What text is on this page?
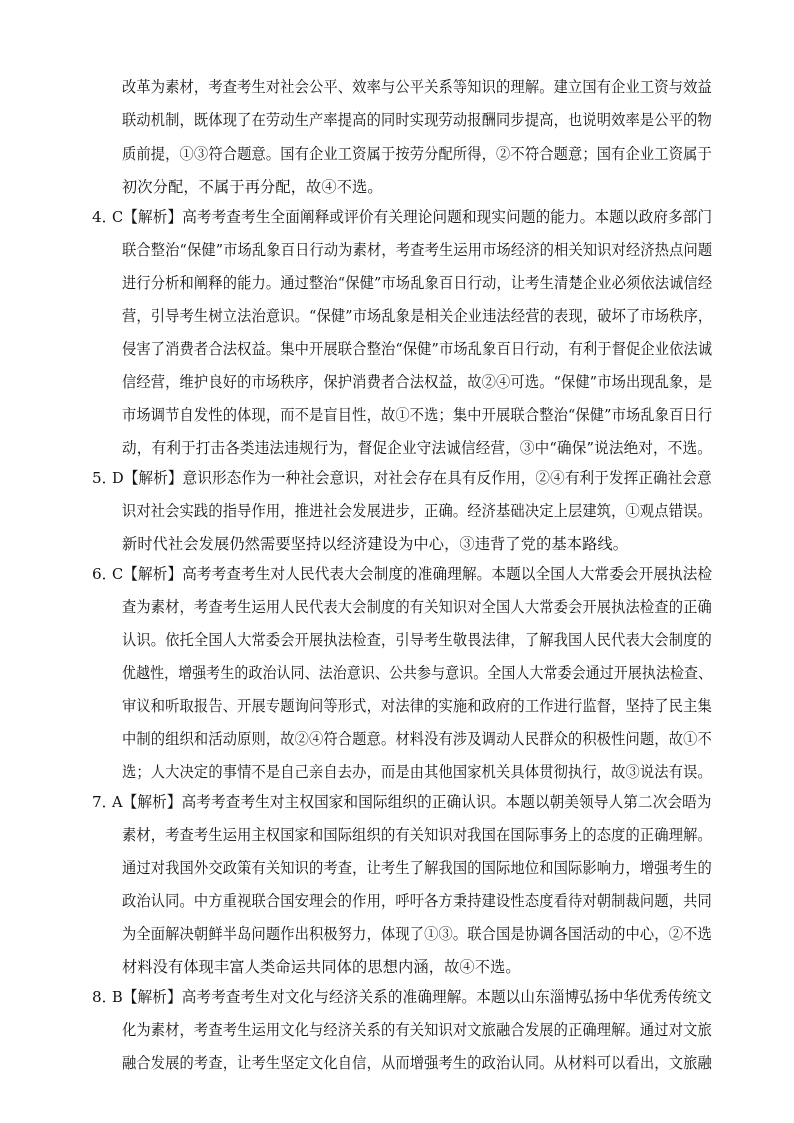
改革为素材，考查考生对社会公平、效率与公平关系等知识的理解。建立国有企业工资与效益
联动机制，既体现了在劳动生产率提高的同时实现劳动报酬同步提高，也说明效率是公平的物
质前提，①③符合题意。国有企业工资属于按劳分配所得，②不符合题意；国有企业工资属于
初次分配，不属于再分配，故④不选。
4．
C【解析】高考考查考生全面阐释或评价有关理论问题和现实问题的能力。本题以政府多部门
联合整治“保健”市场乱象百日行动为素材，考查考生运用市场经济的相关知识对经济热点问题
进行分析和阐释的能力。通过整治“保健”市场乱象百日行动，让考生清楚企业必须依法诚信经
营，引导考生树立法治意识。“保健”市场乱象是相关企业违法经营的表现，破坏了市场秩序，
侵害了消费者合法权益。集中开展联合整治“保健”市场乱象百日行动，有利于督促企业依法诚
信经营，维护良好的市场秩序，保护消费者合法权益，故②④可选。“保健”市场出现乱象，是
市场调节自发性的体现，而不是盲目性，故①不选；集中开展联合整治“保健”市场乱象百日行
动，有利于打击各类违法违规行为，督促企业守法诚信经营，③中“确保”说法绝对，不选。
5．
D【解析】意识形态作为一种社会意识，对社会存在具有反作用，②④有利于发挥正确社会意
识对社会实践的指导作用，推进社会发展进步，正确。经济基础决定上层建筑，①观点错误。
新时代社会发展仍然需要坚持以经济建设为中心，③违背了党的基本路线。
6．
C【解析】高考考查考生对人民代表大会制度的准确理解。本题以全国人大常委会开展执法检
查为素材，考查考生运用人民代表大会制度的有关知识对全国人大常委会开展执法检查的正确
认识。依托全国人大常委会开展执法检查，引导考生敬畏法律，了解我国人民代表大会制度的
优越性，增强考生的政治认同、法治意识、公共参与意识。全国人大常委会通过开展执法检查、
审议和听取报告、开展专题询问等形式，对法律的实施和政府的工作进行监督，坚持了民主集
中制的组织和活动原则，故②④符合题意。材料没有涉及调动人民群众的积极性问题，故①不
选；人大决定的事情不是自己亲自去办，而是由其他国家机关具体贯彻执行，故③说法有误。
7．
A【解析】高考考查考生对主权国家和国际组织的正确认识。本题以朝美领导人第二次会晤为
素材，考查考生运用主权国家和国际组织的有关知识对我国在国际事务上的态度的正确理解。
通过对我国外交政策有关知识的考查，让考生了解我国的国际地位和国际影响力，增强考生的
政治认同。中方重视联合国安理会的作用，呼吁各方秉持建设性态度看待对朝制裁问题，共同
为全面解决朝鲜半岛问题作出积极努力，体现了①③。联合国是协调各国活动的中心，②不选
材料没有体现丰富人类命运共同体的思想内涵，故④不选。
8．
B【解析】高考考查考生对文化与经济关系的准确理解。本题以山东淄博弘扬中华优秀传统文
化为素材，考查考生运用文化与经济关系的有关知识对文旅融合发展的正确理解。通过对文旅
融合发展的考查，让考生坚定文化自信，从而增强考生的政治认同。从材料可以看出，文旅融
